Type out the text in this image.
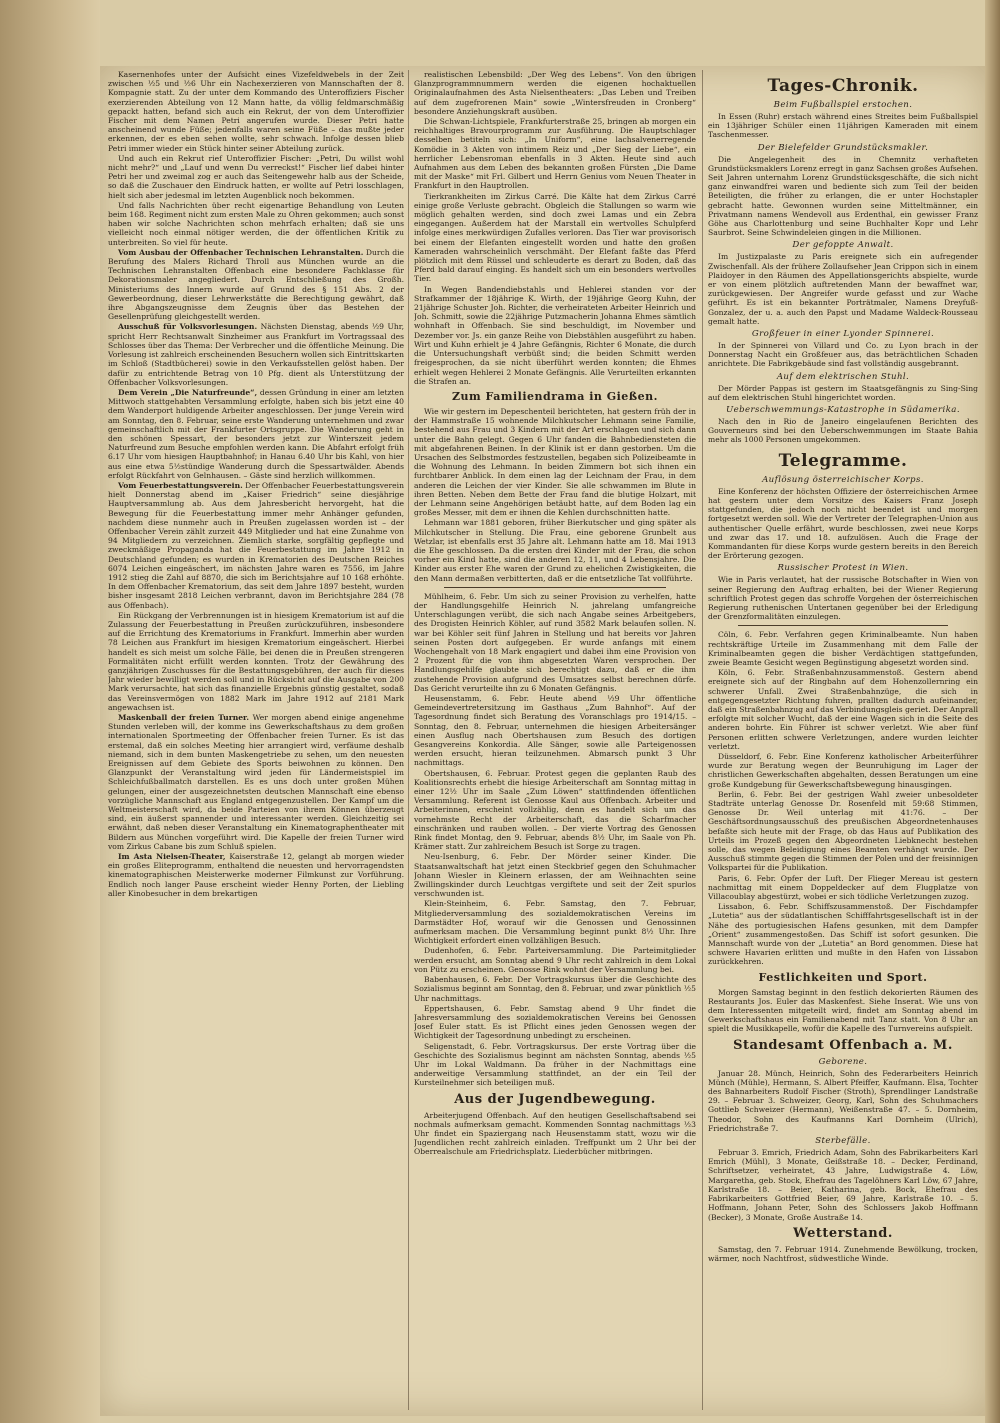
Kasernenhofes unter der Aufsicht eines Vizefeldwebels in der Zeit zwischen ½5 und ½6 Uhr ein Nachexerzieren von Mannschaften der 8. Kompagnie statt. Zu der unter dem Kommando des Unteroffiziers Fischer exerzierenden Abteilung von 12 Mann hatte, da völlig feldmarschmäßig gepackt hatten, befand sich auch ein Rekrut, der von dem Unteroffizier Fischer mit dem Namen Petri angerufen wurde. Dieser Petri hatte anscheinend wunde Füße; jedenfalls waren seine Füße – das mußte jeder erkennen, der es eben sehen wollte, sehr schwach. Infolge dessen blieb Petri immer wieder ein Stück hinter seiner Abteilung zurück.

Und auch ein Rekrut rief Unteroffizier Fischer: „Petri, Du willst wohl nicht mehr?“ und „Lauf und wenn Du verreckst!“ Fischer lief dabei hinter Petri her und zweimal zog er auch das Seitengewehr halb aus der Scheide, so daß die Zuschauer den Eindruck hatten, er wollte auf Petri losschlagen, hielt sich aber jedesmal im letzten Augenblick noch bekommen.

Und falls Nachrichten über recht eigenartige Behandlung von Leuten beim 168. Regiment nicht zum ersten Male zu Ohren gekommen; auch sonst haben wir solche Nachrichten schon mehrfach erhalten; daß sie uns vielleicht noch einmal nötiger werden, die der öffentlichen Kritik zu unterbreiten. So viel für heute.

Vom Ausbau der Offenbacher Technischen Lehranstalten. Durch die Berufung des Malers Richard Throll aus München wurde an die Technischen Lehranstalten Offenbach eine besondere Fachklasse für Dekorationsmaler angegliedert. Durch Entschließung des Großh. Ministeriums des Innern wurde auf Grund des § 151 Abs. 2 der Gewerbeordnung, dieser Lehrwerkstätte die Berechtigung gewährt, daß ihre Abgangszeugnisse dem Zeugnis über das Bestehen der Gesellenprüfung gleichgestellt werden.

Ausschuß für Volksvorlesungen. Nächsten Dienstag, abends ½9 Uhr, spricht Herr Rechtsanwalt Sinzheimer aus Frankfurt im Vortragssaal des Schlosses über das Thema: Der Verbrecher und die öffentliche Meinung. Die Vorlesung ist zahlreich erscheinenden Besuchern wollen sich Eintrittskarten im Schloß (Stadtbücherei) sowie in den Verkaufsstellen gelöst haben. Der dafür zu entrichtende Betrag von 10 Pfg. dient als Unterstützung der Offenbacher Volksvorlesungen.

Dem Verein „Die Naturfreunde“, dessen Gründung in einer am letzten Mittwoch stattgehabten Versammlung erfolgte, haben sich bis jetzt eine 40 dem Wanderport huldigende Arbeiter angeschlossen. Der junge Verein wird am Sonntag, den 8. Februar, seine erste Wanderung unternehmen und zwar gemeinschaftlich mit der Frankfurter Ortsgruppe. Die Wanderung geht in den schönen Spessart, der besonders jetzt zur Winterszeit jedem Naturfreund zum Besuche empfohlen werden kann. Die Abfahrt erfolgt früh 6.17 Uhr vom hiesigen Hauptbahnhof; in Hanau 6.40 Uhr bis Kahl, von hier aus eine etwa 5½stündige Wanderung durch die Spessartwälder. Abends erfolgt Rückfahrt von Gelnhausen. – Gäste sind herzlich willkommen.

Vom Feuerbestattungsverein. Der Offenbacher Feuerbestattungsverein hielt Donnerstag abend im „Kaiser Friedrich“ seine diesjährige Hauptversammlung ab. Aus dem Jahresbericht hervorgeht, hat die Bewegung für die Feuerbestattung immer mehr Anhänger gefunden, nachdem diese nunmehr auch in Preußen zugelassen worden ist – der Offenbacher Verein zählt zurzeit 449 Mitglieder und hat eine Zunahme von 94 Mitgliedern zu verzeichnen. Ziemlich starke, sorgfältig gepflegte und zweckmäßige Propaganda hat die Feuerbestattung im Jahre 1912 in Deutschland gefunden; es wurden in Krematorien des Deutschen Reiches 6074 Leichen eingeäschert, im nächsten Jahre waren es 7556, im Jahre 1912 stieg die Zahl auf 8870, die sich im Berichtsjahre auf 10 168 erhöhte. In dem Offenbacher Krematorium, das seit dem Jahre 1897 besteht, wurden bisher insgesamt 2818 Leichen verbrannt, davon im Berichtsjahre 284 (78 aus Offenbach).

Ein Rückgang der Verbrennungen ist in hiesigem Krematorium ist auf die Zulassung der Feuerbestattung in Preußen zurückzuführen, insbesondere auf die Errichtung des Krematoriums in Frankfurt. Immerhin aber wurden 78 Leichen aus Frankfurt im hiesigen Krematorium eingeäschert. Hierbei handelt es sich meist um solche Fälle, bei denen die in Preußen strengeren Formalitäten nicht erfüllt werden konnten. Trotz der Gewährung des ganzjährigen Zuschusses für die Bestattungsgebühren, der auch für dieses Jahr wieder bewilligt werden soll und in Rücksicht auf die Ausgabe von 200 Mark verursachte, hat sich das finanzielle Ergebnis günstig gestaltet, sodaß das Vereinsvermögen von 1882 Mark im Jahre 1912 auf 2181 Mark angewachsen ist.

Maskenball der freien Turner. Wer morgen abend einige angenehme Stunden verleben will, der komme ins Gewerkschaftshaus zu dem großen internationalen Sportmeeting der Offenbacher freien Turner. Es ist das erstemal, daß ein solches Meeting hier arrangiert wird, verfäume deshalb niemand, sich in dem bunten Maskengetriebe zu sehen, um den neuesten Ereignissen auf dem Gebiete des Sports beiwohnen zu können. Den Glanzpunkt der Veranstaltung wird jeden für Ländermeistspiel im Schleichfußballmatch darstellen. Es es uns doch unter großen Mühen gelungen, einer der ausgezeichnetsten deutschen Mannschaft eine ebenso vorzügliche Mannschaft aus England entgegenzustellen. Der Kampf um die Weltmeisterschaft wird, da beide Parteien von ihrem Können überzeugt sind, ein äußerst spannender und interessanter werden. Gleichzeitig sei erwähnt, daß neben dieser Veranstaltung ein Kinematographentheater mit Bildern aus München vorgeführt wird. Die Kapelle der freien Turner wird vom Zirkus Cabane bis zum Schluß spielen.

Im Asta Nielsen-Theater, Kaiserstraße 12, gelangt ab morgen wieder ein großes Eliteprogramm, enthaltend die neuesten und hervorragendsten kinematographischen Meisterwerke moderner Filmkunst zur Vorführung. Endlich noch langer Pause erscheint wieder Henny Porten, der Liebling aller Kinobesucher in dem brekartigen

realistischen Lebensbild: „Der Weg des Lebens“. Von den übrigen Glanzprogrammnummern werden die eigenen hochaktuellen Originalaufnahmen des Asta Nielsentheaters: „Das Leben und Treiben auf dem zugefrorenen Main“ sowie „Wintersfreuden in Cronberg“ besondere Anziehungskraft ausüben.

Die Schwan-Lichtspiele, Frankfurterstraße 25, bringen ab morgen ein reichhaltiges Bravourprogramm zur Ausführung. Die Hauptschlager desselben betiteln sich: „In Uniform“, eine lachsalvenerregende Komödie in 3 Akten von intimem Reiz und „Der Sieg der Liebe“, ein herrlicher Lebensroman ebenfalls in 3 Akten. Heute sind auch Aufnahmen aus dem Leben des bekannten großen Fürsten „Die Dame mit der Maske“ mit Frl. Gilbert und Herrn Genius vom Neuen Theater in Frankfurt in den Hauptrollen.

Tierkrankheiten im Zirkus Carré. Die Kälte hat dem Zirkus Carré einige große Verluste gebracht. Obgleich die Stallungen so warm wie möglich gehalten werden, sind doch zwei Lamas und ein Zebra eingegangen. Außerdem hat der Marstall ein wertvolles Schulpferd infolge eines merkwürdigen Zufalles verloren. Das Tier war provisorisch bei einem der Elefanten eingestellt worden und hatte den großen Kameraden wahrscheinlich verschmäht. Der Elefant faßte das Pferd plötzlich mit dem Rüssel und schleuderte es derart zu Boden, daß das Pferd bald darauf einging. Es handelt sich um ein besonders wertvolles Tier.

In Wegen Bandendiebstahls und Hehlerei standen vor der Strafkammer der 18jährige K. Wirth, der 19jährige Georg Kuhn, der 21jährige Schuster Joh. Richter, die verheirateten Arbeiter Heinrich und Joh. Schmitt, sowie die 22jährige Putzmacherin Johanna Ehmes sämtlich wohnhaft in Offenbach. Sie sind beschuldigt, im November und Dezember vor. Js. ein ganze Reihe von Diebstählen ausgeführt zu haben. Wirt und Kuhn erhielt je 4 Jahre Gefängnis, Richter 6 Monate, die durch die Untersuchungshaft verbüßt sind; die beiden Schmitt werden freigesprochen, da sie nicht überführt werden konnten; die Ehmes erhielt wegen Hehlerei 2 Monate Gefängnis. Alle Verurteilten erkannten die Strafen an.

Zum Familiendrama in Gießen.

Wie wir gestern im Depeschenteil berichteten, hat gestern früh der in der Hammstraße 15 wohnende Milchkutscher Lehmann seine Familie, bestehend aus Frau und 3 Kindern mit der Art erschlagen und sich dann unter die Bahn gelegt. Gegen 6 Uhr fanden die Bahnbediensteten die mit abgefahrenen Beinen. In der Klinik ist er dann gestorben. Um die Ursachen des Selbstmordes festzustellen, begaben sich Polizeibeamte in die Wohnung des Lehmann. In beiden Zimmern bot sich ihnen ein furchtbarer Anblick. In dem einen lag der Leichnam der Frau, in dem anderen die Leichen der vier Kinder. Sie alle schwammen im Blute in ihren Betten. Neben dem Bette der Frau fand die blutige Holzart, mit der Lehmann seine Angehörigen betäubt hatte, auf dem Boden lag ein großes Messer, mit dem er ihnen die Kehlen durchschnitten hatte.

Lehmann war 1881 geboren, früher Bierkutscher und ging später als Milchkutscher in Stellung. Die Frau, eine geborene Grunbelt aus Wetzlar, ist ebenfalls erst 35 Jahre alt. Lehmann hatte am 18. Mai 1913 die Ehe geschlossen. Da die ersten drei Kinder mit der Frau, die schon vorher ein Kind hatte, sind die anderen 12, 11, und 4 Lebensjahre. Die Kinder aus erster Ehe waren der Grund zu ehelichen Zwistigkeiten, die den Mann dermaßen verbitterten, daß er die entsetzliche Tat vollführte.

Mühlheim, 6. Febr. Um sich zu seiner Provision zu verhelfen, hatte der Handlungsgehilfe Heinrich N. jahrelang umfangreiche Unterschlagungen verübt, die sich nach Angabe seines Arbeitgebers, des Drogisten Heinrich Köhler, auf rund 3582 Mark belaufen sollen. N. war bei Köhler seit fünf Jahren in Stellung und hat bereits vor Jahren seinen Posten dort aufgegeben. Er wurde anfangs mit einem Wochengehalt von 18 Mark engagiert und dabei ihm eine Provision von 2 Prozent für die von ihm abgesetzten Waren versprochen. Der Handlungsgehilfe glaubte sich berechtigt dazu, daß er die ihm zustehende Provision aufgrund des Umsatzes selbst berechnen dürfe. Das Gericht verurteilte ihn zu 6 Monaten Gefängnis.

Heusenstamm, 6. Febr. Heute abend ½9 Uhr öffentliche Gemeindevertretersitzung im Gasthaus „Zum Bahnhof“. Auf der Tagesordnung findet sich Beratung des Voranschlags pro 1914/15. – Sonntag, den 8. Februar, unternehmen die hiesigen Arbeitersänger einen Ausflug nach Obertshausen zum Besuch des dortigen Gesangvereins Konkordia. Alle Sänger, sowie alle Parteigenossen werden ersucht, hieran teilzunehmen. Abmarsch punkt 3 Uhr nachmittags.

Obertshausen, 6. Februar. Protest gegen die geplanten Raub des Koalitionsrechts erhebt die hiesige Arbeiterschaft am Sonntag mittag in einer 12½ Uhr im Saale „Zum Löwen“ stattfindenden öffentlichen Versammlung. Referent ist Genosse Kaul aus Offenbach. Arbeiter und Arbeiterinnen, erscheint vollzählig, denn es handelt sich um das vornehmste Recht der Arbeiterschaft, das die Scharfmacher einschränken und rauben wollen. – Der vierte Vortrag des Genossen Rink findet Montag, den 9. Februar, abends 8½ Uhr, im Saale von Ph. Krämer statt. Zur zahlreichem Besuch ist Sorge zu tragen.

Neu-Isenburg, 6. Febr. Der Mörder seiner Kinder. Die Staatsanwaltschaft hat jetzt einen Steckbrief gegen den Schuhmacher Johann Wiesler in Kleinern erlassen, der am Weihnachten seine Zwillingskinder durch Leuchtgas vergiftete und seit der Zeit spurlos verschwunden ist.

Klein-Steinheim, 6. Febr. Samstag, den 7. Februar, Mitgliederversammlung des sozialdemokratischen Vereins im Darmstädter Hof, worauf wir die Genossen und Genossinnen aufmerksam machen. Die Versammlung beginnt punkt 8½ Uhr. Ihre Wichtigkeit erfordert einen vollzähligen Besuch.

Dudenhofen, 6. Febr. Parteiversammlung. Die Parteimitglieder werden ersucht, am Sonntag abend 9 Uhr recht zahlreich in dem Lokal von Pütz zu erscheinen. Genosse Rink wohnt der Versammlung bei.

Babenhausen, 6. Febr. Der Vortragskursus über die Geschichte des Sozialismus beginnt am Sonntag, den 8. Februar, und zwar pünktlich ½5 Uhr nachmittags.

Eppertshausen, 6. Febr. Samstag abend 9 Uhr findet die Jahresversammlung des sozialdemokratischen Vereins bei Genossen Josef Euler statt. Es ist Pflicht eines jeden Genossen wegen der Wichtigkeit der Tagesordnung unbedingt zu erscheinen.

Seligenstadt, 6. Febr. Vortragskursus. Der erste Vortrag über die Geschichte des Sozialismus beginnt am nächsten Sonntag, abends ½5 Uhr im Lokal Waldmann. Da früher in der Nachmittags eine anderweitige Versammlung stattfindet, an der ein Teil der Kursteilnehmer sich beteiligen muß.

Aus der Jugendbewegung.

Arbeiterjugend Offenbach. Auf den heutigen Gesellschaftsabend sei nochmals aufmerksam gemacht. Kommenden Sonntag nachmittags ½3 Uhr findet ein Spaziergang nach Heusenstamm statt, wozu wir die Jugendlichen recht zahlreich einladen. Treffpunkt um 2 Uhr bei der Oberrealschule am Friedrichsplatz. Liederbücher mitbringen.

Tages-Chronik.
Beim Fußballspiel erstochen.

In Essen (Ruhr) erstach während eines Streites beim Fußballspiel ein 13jähriger Schüler einen 11jährigen Kameraden mit einem Taschenmesser.

Der Bielefelder Grundstücksmakler.

Die Angelegenheit des in Chemnitz verhafteten Grundstücksmaklers Lorenz erregt in ganz Sachsen großes Aufsehen. Seit Jahren unternahm Lorenz Grundstücksgeschäfte, die sich nicht ganz einwandfrei waren und bediente sich zum Teil der beiden Beteiligten, die früher zu erlangen, die er unter Hochstapler gebracht hatte. Gewonnen wurden seine Mitteltmänner, ein Privatmann namens Wendevoll aus Erdenthal, ein gewisser Franz Göhe aus Charlottenburg und seine Buchhalter Kopr und Lehr Saurbrot. Seine Schwindeleien gingen in die Millionen.

Der gefoppte Anwalt.

Im Justizpalaste zu Paris ereignete sich ein aufregender Zwischenfall. Als der frühere Zollaufseher Jean Crippon sich in einem Plaidoyer in den Räumen des Appellationsgerichts abspielte, wurde er von einem plötzlich auftretenden Mann der bewaffnet war, zurückgewiesen. Der Angreifer wurde gefasst und zur Wache geführt. Es ist ein bekannter Porträtmaler, Namens Dreyfuß-Gonzalez, der u. a. auch den Papst und Madame Waldeck-Rousseau gemalt hatte.

Großfeuer in einer Lyonder Spinnerei.

In der Spinnerei von Villard und Co. zu Lyon brach in der Donnerstag Nacht ein Großfeuer aus, das beträchtlichen Schaden anrichtete. Die Fabrikgebäude sind fast vollständig ausgebrannt.

Auf dem elektrischen Stuhl.

Der Mörder Pappas ist gestern im Staatsgefängnis zu Sing-Sing auf dem elektrischen Stuhl hingerichtet worden.

Ueberschwemmungs-Katastrophe in Südamerika.

Nach den in Rio de Janeiro eingelaufenen Berichten des Gouverneurs sind bei den Ueberschwemmungen im Staate Bahia mehr als 1000 Personen umgekommen.

Telegramme.
Auflösung österreichischer Korps.

Eine Konferenz der höchsten Offiziere der österreichischen Armee hat gestern unter dem Vorsitze des Kaisers Franz Joseph stattgefunden, die jedoch noch nicht beendet ist und morgen fortgesetzt werden soll. Wie der Vertreter der Telegraphen-Union aus authentischer Quelle erfährt, wurde beschlossen, zwei neue Korps und zwar das 17. und 18. aufzulösen. Auch die Frage der Kommandanten für diese Korps wurde gestern bereits in den Bereich der Erörterung gezogen.

Russischer Protest in Wien.

Wie in Paris verlautet, hat der russische Botschafter in Wien von seiner Regierung den Auftrag erhalten, bei der Wiener Regierung schriftlich Protest gegen das schroffe Vorgehen der österreichischen Regierung ruthenischen Untertanen gegenüber bei der Erledigung der Grenzformalitäten einzulegen.

Cöln, 6. Febr. Verfahren gegen Kriminalbeamte. Nun haben rechtskräftige Urteile im Zusammenhang mit dem Falle der Kriminalbeamten gegen die bisher Verdächtigen stattgefunden, zweie Beamte Gesicht wegen Begünstigung abgesetzt worden sind.

Köln, 6. Febr. Straßenbahnzusammenstoß. Gestern abend ereignete sich auf der Ringbahn auf dem Hohenzollernring ein schwerer Unfall. Zwei Straßenbahnzüge, die sich in entgegengesetzter Richtung fuhren, prallten dadurch aufeinander, daß ein Straßenbahnzug auf das Verbindungsgleis geriet. Der Anprall erfolgte mit solcher Wucht, daß der eine Wagen sich in die Seite des anderen bohrte. Ein Führer ist schwer verletzt. Wie aber fünf Personen erlitten schwere Verletzungen, andere wurden leichter verletzt.

Düsseldorf, 6. Febr. Eine Konferenz katholischer Arbeiterführer wurde zur Beratung wegen der Beunruhigung im Lager der christlichen Gewerkschaften abgehalten, dessen Beratungen um eine große Kundgebung für Gewerkschaftsbewegung hinausgingen.

Berlin, 6. Febr. Bei der gestrigen Wahl zweier unbesoldeter Stadträte unterlag Genosse Dr. Rosenfeld mit 59:68 Stimmen, Genosse Dr. Weil unterlag mit 41:76. – Der Geschäftsordnungsausschuß des preußischen Abgeordnetenhauses befaßte sich heute mit der Frage, ob das Haus auf Publikation des Urteils im Prozeß gegen den Abgeordneten Liebknecht bestehen solle, das wegen Beleidigung eines Beamten verhängt wurde. Der Ausschuß stimmte gegen die Stimmen der Polen und der freisinnigen Volkspartei für die Publikation.

Paris, 6. Febr. Opfer der Luft. Der Flieger Mereau ist gestern nachmittag mit einem Doppeldecker auf dem Flugplatze von Villacoublay abgestürzt, wobei er sich tödliche Verletzungen zuzog.

Lissabon, 6. Febr. Schiffszusammenstoß. Der Fischdampfer „Lutetia“ aus der südatlantischen Schifffahrtsgesellschaft ist in der Nähe des portugiesischen Hafens gesunken, mit dem Dampfer „Orient“ zusammengestoßen. Das Schiff ist sofort gesunken. Die Mannschaft wurde von der „Lutetia“ an Bord genommen. Diese hat schwere Havarien erlitten und mußte in den Hafen von Lissabon zurückkehren.

Festlichkeiten und Sport.

Morgen Samstag beginnt in den festlich dekorierten Räumen des Restaurants Jos. Euler das Maskenfest. Siehe Inserat. Wie uns von dem Interessenten mitgeteilt wird, findet am Sonntag abend im Gewerkschaftshaus ein Familienabend mit Tanz statt. Von 8 Uhr an spielt die Musikkapelle, wofür die Kapelle des Turnvereins aufspielt.

Standesamt Offenbach a. M.
Geborene.

Januar 28. Münch, Heinrich, Sohn des Federarbeiters Heinrich Münch (Mühle), Hermann, S. Albert Pfeiffer, Kaufmann. Elsa, Tochter des Bahnarbeiters Rudolf Fischer (Stroth), Sprendlinger Landstraße 29. – Februar 3. Schweizer, Georg, Karl, Sohn des Schuhmachers Gottlieb Schweizer (Hermann), Weißenstraße 47. – 5. Dornheim, Theodor, Sohn des Kaufmanns Karl Dornheim (Ulrich), Friedrichstraße 7.

Sterbefälle.

Februar 3. Emrich, Friedrich Adam, Sohn des Fabrikarbeiters Karl Emrich (Mühl), 3 Monate, Geißstraße 18. – Decker, Ferdinand, Schriftsetzer, verheiratet, 43 Jahre, Ludwigstraße 4. Löw, Margaretha, geb. Stock, Ehefrau des Tagelöhners Karl Löw, 67 Jahre, Karlstraße 18. – Beier, Katharina, geb. Bock, Ehefrau des Fabrikarbeiters Gottfried Beier, 69 Jahre, Karlstraße 10. – 5. Hoffmann, Johann Peter, Sohn des Schlossers Jakob Hoffmann (Becker), 3 Monate, Große Austraße 14.

Wetterstand.

Samstag, den 7. Februar 1914. Zunehmende Bewölkung, trocken, wärmer, noch Nachtfrost, südwestliche Winde.
